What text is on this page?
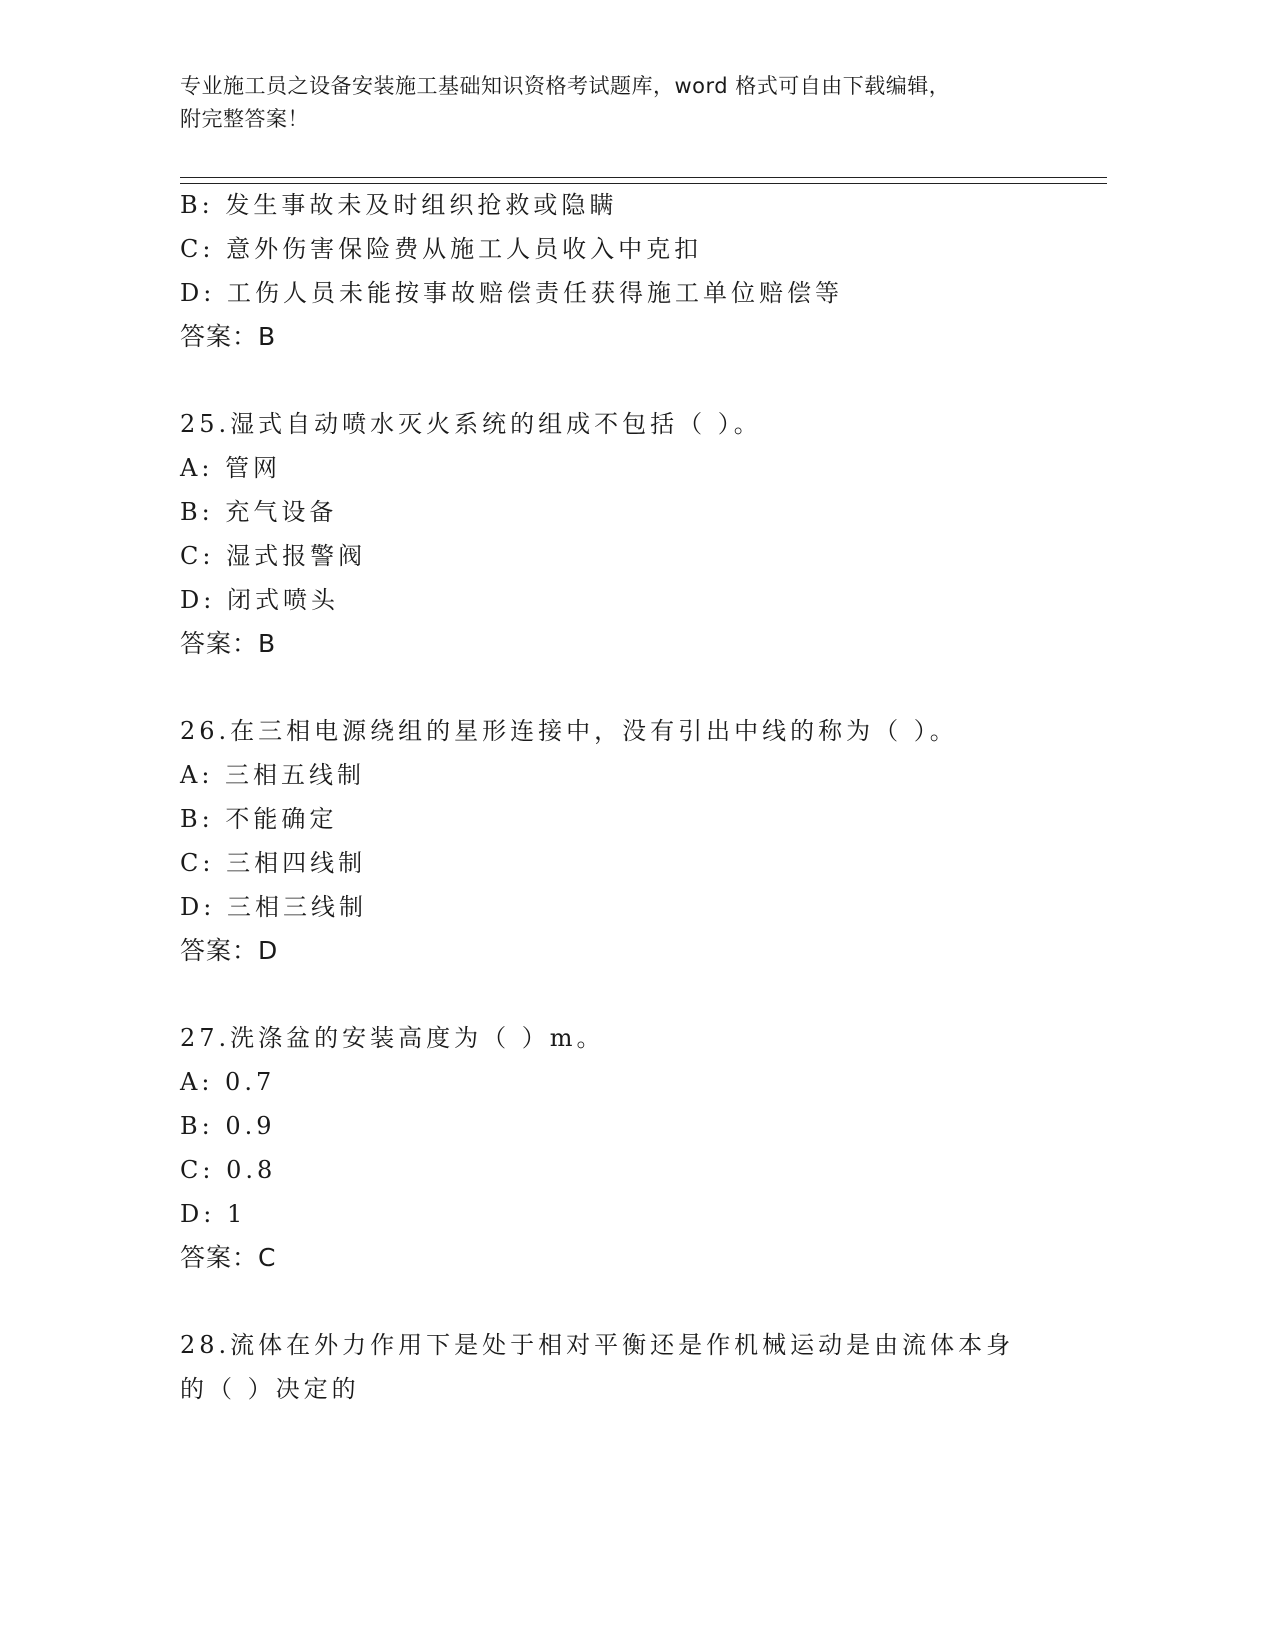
专业施工员之设备安装施工基础知识资格考试题库，word 格式可自由下载编辑，
附完整答案！
B: 发生事故未及时组织抢救或隐瞒
C: 意外伤害保险费从施工人员收入中克扣
D: 工伤人员未能按事故赔偿责任获得施工单位赔偿等
答案：B
25.湿式自动喷水灭火系统的组成不包括（ ）。
A: 管网
B: 充气设备
C: 湿式报警阀
D: 闭式喷头
答案：B
26.在三相电源绕组的星形连接中，没有引出中线的称为（ ）。
A: 三相五线制
B: 不能确定
C: 三相四线制
D: 三相三线制
答案：D
27.洗涤盆的安装高度为（ ）m。
A: 0.7
B: 0.9
C: 0.8
D: 1
答案：C
28.流体在外力作用下是处于相对平衡还是作机械运动是由流体本身的（ ）决定的
